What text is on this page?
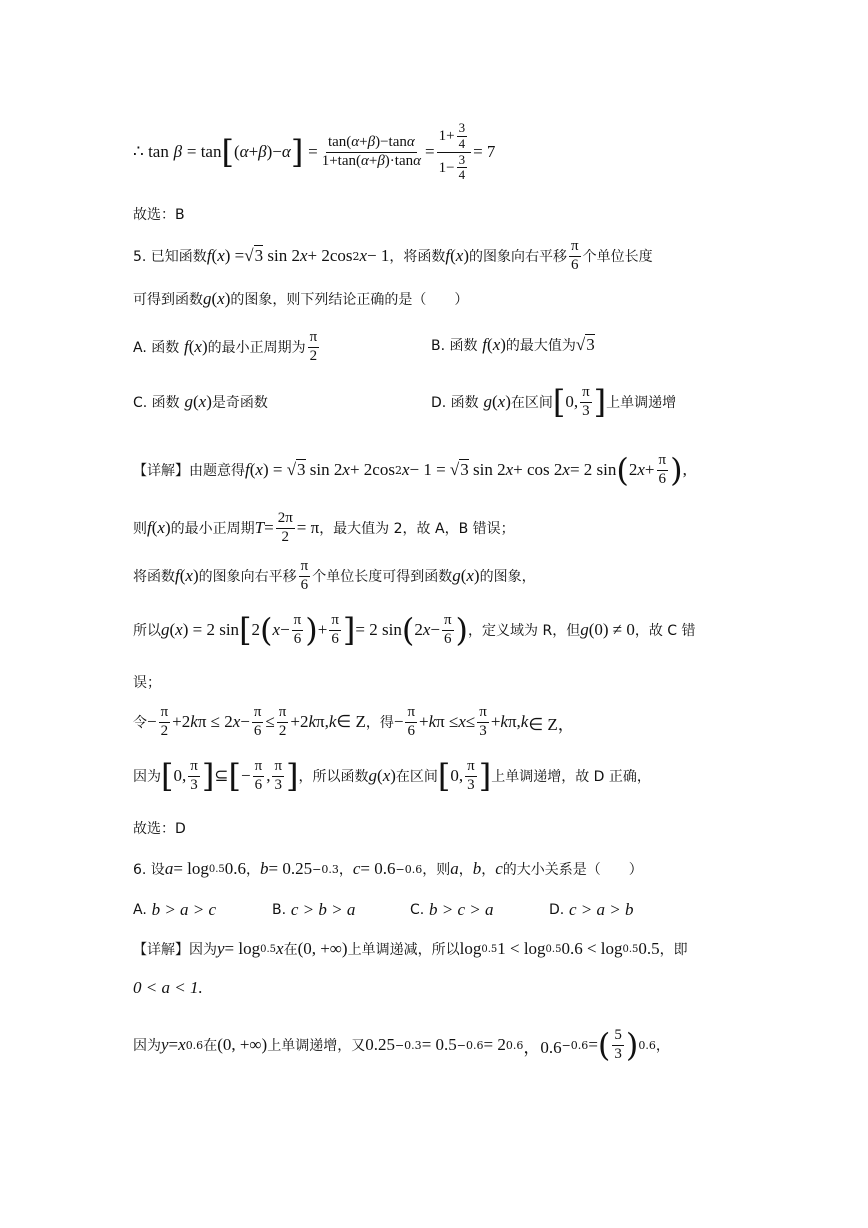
∴ tan
β
= tan [ ( α + β )− α ]
= $\frac{\tan(\alpha+\beta)-\tan\alpha}{1+\tan(\alpha+\beta)\cdot\tan\alpha} = \frac{1+ \frac{3}{4}}{1- \frac{3}{4}} = 7$
故选：B
5. 已知函数 f ( x ) = √3 sin 2 x + 2cos 2 x − 1 ，将函数 f ( x ) 的图象向右平移 $\frac{\pi}{6}$ 个单位长度
可得到函数 g ( x ) 的图象，则下列结论正确的是（　　）
A. 函数
f ( x ) 的最小正周期为 $\frac{\pi}{2}$	B. 函数
f ( x ) 的最大值为 √3
C. 函数
g ( x ) 是奇函数	D. 函数
g ( x ) 在区间 [ 0, $\frac{\pi}{3}$ ] 上单调递增
【详解】由题意得 f ( x ) = √3 sin 2 x + 2cos 2 x − 1 = √3 sin 2 x + cos 2 x = 2 sin ( 2 $x + \frac{\pi}{6}$ ) ,
则 f ( x ) 的最小正周期 $T = \frac{2\pi}{2} = \pi$ ，最大值为 2，故 A，B 错误；
将函数 f ( x ) 的图象向右平移 $\frac{\pi}{6}$ 个单位长度可得到函数 g ( x ) 的图象，
所以 g ( x ) = 2 sin [ 2 ( $x - \frac{\pi}{6}$ ) + $\frac{\pi}{6}$ ] = 2 sin ( 2 $x - \frac{\pi}{6}$ ) ，定义域为 R，但 g (0) ≠ 0 ，故 C 错
误；
令 − $\frac{\pi}{2} +2$ k π ≤ 2 $x - \frac{\pi}{6} \le \frac{\pi}{2} +2$ k π, k ∈ Z ，得 − $\frac{\pi}{6} + k$ $\pi \le x \le \frac{\pi}{3} + k$ π, k ∈ Z，
因为 [ 0, $\frac{\pi}{3}$ ] ⊆ [ − $\frac{\pi}{6}$ , $\frac{\pi}{3}$ ] ，所以函数 g ( x ) 在区间 [ 0, $\frac{\pi}{3}$ ] 上单调递增，故 D 正确，
故选：D
6. 设 a = log 0.5 0.6 ， b = 0.25 −0.3 ， c = 0.6 −0.6 ，则 a ， b ， c 的大小关系是（　　）
A.
b > a > c	B.
c > b > a	C.
b > c > a	D.
c > a > b
【详解】因为 y = log 0.5 x 在 (0, +∞) 上单调递减，所以 log 0.5 1 < log 0.5 0.6 < log 0.5 0.5 ，即
0 < a < 1.
因为 y = x 0.6 在 (0, +∞) 上单调递增，又 0.25 −0.3 = 0.5 −0.6 = 2 0.6 ，0.6 −0.6 = ( $\frac{5}{3}$ ) 0.6 ，
